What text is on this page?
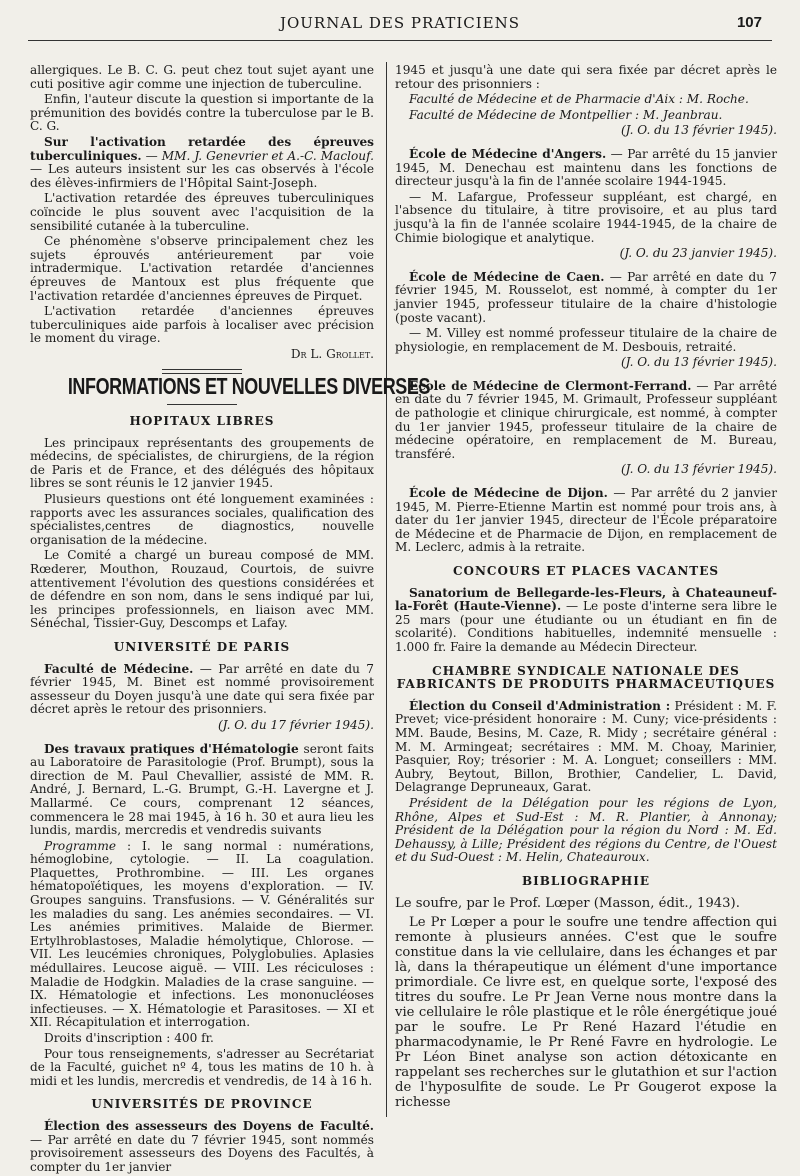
JOURNAL DES PRATICIENS	107

allergiques. Le B. C. G. peut chez tout sujet ayant une cuti positive agir comme une injection de tuberculine.

Enfin, l'auteur discute la question si importante de la prémunition des bovidés contre la tuberculose par le B. C. G.

Sur l'activation retardée des épreuves tuberculiniques. — MM. J. Genevrier et A.-C. Maclouf. — Les auteurs insistent sur les cas observés à l'école des élèves-infirmiers de l'Hôpital Saint-Joseph.

L'activation retardée des épreuves tuberculiniques coïncide le plus souvent avec l'acquisition de la sensibilité cutanée à la tuberculine.

Ce phénomène s'observe principalement chez les sujets éprouvés antérieurement par voie intradermique. L'activation retardée d'anciennes épreuves de Mantoux est plus fréquente que l'activation retardée d'anciennes épreuves de Pirquet.

L'activation retardée d'anciennes épreuves tuberculiniques aide parfois à localiser avec précision le moment du virage.

Dr L. Grollet.

INFORMATIONS ET NOUVELLES DIVERSES
HOPITAUX LIBRES

Les principaux représentants des groupements de médecins, de spécialistes, de chirurgiens, de la région de Paris et de France, et des délégués des hôpitaux libres se sont réunis le 12 janvier 1945.

Plusieurs questions ont été longuement examinées : rapports avec les assurances sociales, qualification des spécialistes,centres de diagnostics, nouvelle organisation de la médecine.

Le Comité a chargé un bureau composé de MM. Rœderer, Mouthon, Rouzaud, Courtois, de suivre attentivement l'évolution des questions considérées et de défendre en son nom, dans le sens indiqué par lui, les principes professionnels, en liaison avec MM. Sénéchal, Tissier-Guy, Descomps et Lafay.

UNIVERSITÉ DE PARIS

Faculté de Médecine. — Par arrêté en date du 7 février 1945, M. Binet est nommé provisoirement assesseur du Doyen jusqu'à une date qui sera fixée par décret après le retour des prisonniers.

(J. O. du 17 février 1945).

Des travaux pratiques d'Hématologie seront faits au Laboratoire de Parasitologie (Prof. Brumpt), sous la direction de M. Paul Chevallier, assisté de MM. R. André, J. Bernard, L.-G. Brumpt, G.-H. Lavergne et J. Mallarmé. Ce cours, comprenant 12 séances, commencera le 28 mai 1945, à 16 h. 30 et aura lieu les lundis, mardis, mercredis et vendredis suivants

Programme : I. le sang normal : numérations, hémoglobine, cytologie. — II. La coagulation. Plaquettes, Prothrombine. — III. Les organes hématopoïétiques, les moyens d'exploration. — IV. Groupes sanguins. Transfusions. — V. Généralités sur les maladies du sang. Les anémies secondaires. — VI. Les anémies primitives. Malaide de Biermer. Ertylhroblastoses, Maladie hémolytique, Chlorose. — VII. Les leucémies chroniques, Polyglobulies. Aplasies médullaires. Leucose aiguë. — VIII. Les réciculoses : Maladie de Hodgkin. Maladies de la crase sanguine. — IX. Hématologie et infections. Les mononucléoses infectieuses. — X. Hématologie et Parasitoses. — XI et XII. Récapitulation et interrogation.

Droits d'inscription : 400 fr.

Pour tous renseignements, s'adresser au Secrétariat de la Faculté, guichet nº 4, tous les matins de 10 h. à midi et les lundis, mercredis et vendredis, de 14 à 16 h.

UNIVERSITÉS DE PROVINCE

Élection des assesseurs des Doyens de Faculté. — Par arrêté en date du 7 février 1945, sont nommés provisoirement assesseurs des Doyens des Facultés, à compter du 1er janvier

1945 et jusqu'à une date qui sera fixée par décret après le retour des prisonniers :

Faculté de Médecine et de Pharmacie d'Aix : M. Roche.

Faculté de Médecine de Montpellier : M. Jeanbrau.

(J. O. du 13 février 1945).

École de Médecine d'Angers. — Par arrêté du 15 janvier 1945, M. Denechau est maintenu dans les fonctions de directeur jusqu'à la fin de l'année scolaire 1944-1945.

— M. Lafargue, Professeur suppléant, est chargé, en l'absence du titulaire, à titre provisoire, et au plus tard jusqu'à la fin de l'année scolaire 1944-1945, de la chaire de Chimie biologique et analytique.

(J. O. du 23 janvier 1945).

École de Médecine de Caen. — Par arrêté en date du 7 février 1945, M. Rousselot, est nommé, à compter du 1er janvier 1945, professeur titulaire de la chaire d'histologie (poste vacant).

— M. Villey est nommé professeur titulaire de la chaire de physiologie, en remplacement de M. Desbouis, retraité.

(J. O. du 13 février 1945).

École de Médecine de Clermont-Ferrand. — Par arrêté en date du 7 février 1945, M. Grimault, Professeur suppléant de pathologie et clinique chirurgicale, est nommé, à compter du 1er janvier 1945, professeur titulaire de la chaire de médecine opératoire, en remplacement de M. Bureau, transféré.

(J. O. du 13 février 1945).

École de Médecine de Dijon. — Par arrêté du 2 janvier 1945, M. Pierre-Etienne Martin est nommé pour trois ans, à dater du 1er janvier 1945, directeur de l'École préparatoire de Médecine et de Pharmacie de Dijon, en remplacement de M. Leclerc, admis à la retraite.

CONCOURS ET PLACES VACANTES

Sanatorium de Bellegarde-les-Fleurs, à Chateauneuf-la-Forêt (Haute-Vienne). — Le poste d'interne sera libre le 25 mars (pour une étudiante ou un étudiant en fin de scolarité). Conditions habituelles, indemnité mensuelle : 1.000 fr. Faire la demande au Médecin Directeur.

CHAMBRE SYNDICALE NATIONALE DES FABRICANTS DE PRODUITS PHARMACEUTIQUES

Élection du Conseil d'Administration : Président : M. F. Prevet; vice-président honoraire : M. Cuny; vice-présidents : MM. Baude, Besins, M. Caze, R. Midy ; secrétaire général : M. M. Armingeat; secrétaires : MM. M. Choay, Marinier, Pasquier, Roy; trésorier : M. A. Longuet; conseillers : MM. Aubry, Beytout, Billon, Brothier, Candelier, L. David, Delagrange Depruneaux, Garat.

Président de la Délégation pour les régions de Lyon, Rhône, Alpes et Sud-Est : M. R. Plantier, à Annonay; Président de la Délégation pour la région du Nord : M. Ed. Dehaussy, à Lille; Président des régions du Centre, de l'Ouest et du Sud-Ouest : M. Helin, Chateauroux.

BIBLIOGRAPHIE

Le soufre, par le Prof. Lœper (Masson, édit., 1943).

Le Pr Lœper a pour le soufre une tendre affection qui remonte à plusieurs années. C'est que le soufre constitue dans la vie cellulaire, dans les échanges et par là, dans la thérapeutique un élément d'une importance primordiale. Ce livre est, en quelque sorte, l'exposé des titres du soufre. Le Pr Jean Verne nous montre dans la vie cellulaire le rôle plastique et le rôle énergétique joué par le soufre. Le Pr René Hazard l'étudie en pharmacodynamie, le Pr René Favre en hydrologie. Le Pr Léon Binet analyse son action détoxicante en rappelant ses recherches sur le glutathion et sur l'action de l'hyposulfite de soude. Le Pr Gougerot expose la richesse
